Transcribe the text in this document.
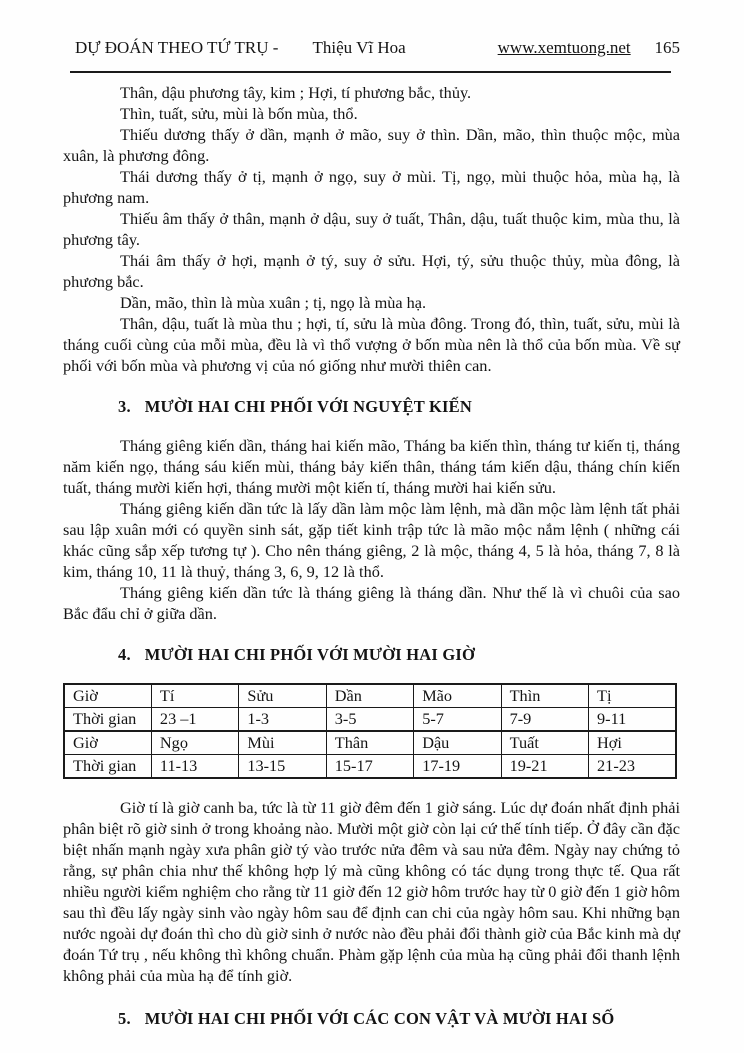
DỰ ĐOÁN THEO TỨ TRỤ - Thiệu Vĩ Hoa	www.xemtuong.net 165

Thân, dậu phương tây, kim ; Hợi, tí phương bắc, thủy.

Thìn, tuất, sửu, mùi là bốn mùa, thổ.

Thiếu dương thấy ở dần, mạnh ở mão, suy ở thìn. Dần, mão, thìn thuộc mộc, mùa xuân, là phương đông.

Thái dương thấy ở tị, mạnh ở ngọ, suy ở mùi. Tị, ngọ, mùi thuộc hỏa, mùa hạ, là phương nam.

Thiếu âm thấy ở thân, mạnh ở dậu, suy ở tuất, Thân, dậu, tuất thuộc kim, mùa thu, là phương tây.

Thái âm thấy ở hợi, mạnh ở tý, suy ở sửu. Hợi, tý, sửu thuộc thủy, mùa đông, là phương bắc.

Dần, mão, thìn là mùa xuân ; tị, ngọ là mùa hạ.

Thân, dậu, tuất là mùa thu ; hợi, tí, sửu là mùa đông. Trong đó, thìn, tuất, sửu, mùi là tháng cuối cùng của mỗi mùa, đều là vì thổ vượng ở bốn mùa nên là thổ của bốn mùa. Về sự phối với bốn mùa và phương vị của nó giống như mười thiên can.

3. MƯỜI HAI CHI PHỐI VỚI NGUYỆT KIẾN

Tháng giêng kiến dần, tháng hai kiến mão, Tháng ba kiến thìn, tháng tư kiến tị, tháng năm kiến ngọ, tháng sáu kiến mùi, tháng bảy kiến thân, tháng tám kiến dậu, tháng chín kiến tuất, tháng mười kiến hợi, tháng mười một kiến tí, tháng mười hai kiến sửu.

Tháng giêng kiến dần tức là lấy dần làm mộc làm lệnh, mà dần mộc làm lệnh tất phải sau lập xuân mới có quyền sinh sát, gặp tiết kinh trập tức là mão mộc nắm lệnh ( những cái khác cũng sắp xếp tương tự ). Cho nên tháng giêng, 2 là mộc, tháng 4, 5 là hỏa, tháng 7, 8 là kim, tháng 10, 11 là thuỷ, tháng 3, 6, 9, 12 là thổ.

Tháng giêng kiến dần tức là tháng giêng là tháng dần. Như thế là vì chuôi của sao Bắc đẩu chỉ ở giữa dần.

4. MƯỜI HAI CHI PHỐI VỚI MƯỜI HAI GIỜ
Giờ	Tí	Sửu	Dần	Mão	Thìn	Tị
Thời gian	23 –1	1-3	3-5	5-7	7-9	9-11
Giờ	Ngọ	Mùi	Thân	Dậu	Tuất	Hợi
Thời gian	11-13	13-15	15-17	17-19	19-21	21-23

Giờ tí là giờ canh ba, tức là từ 11 giờ đêm đến 1 giờ sáng. Lúc dự đoán nhất định phải phân biệt rõ giờ sinh ở trong khoảng nào. Mười một giờ còn lại cứ thế tính tiếp. Ở đây cần đặc biệt nhấn mạnh ngày xưa phân giờ tý vào trước nửa đêm và sau nửa đêm. Ngày nay chứng tỏ rằng, sự phân chia như thế không hợp lý mà cũng không có tác dụng trong thực tế. Qua rất nhiều người kiểm nghiệm cho rằng từ 11 giờ đến 12 giờ hôm trước hay từ 0 giờ đến 1 giờ hôm sau thì đều lấy ngày sinh vào ngày hôm sau để định can chi của ngày hôm sau. Khi những bạn nước ngoài dự đoán thì cho dù giờ sinh ở nước nào đều phải đổi thành giờ của Bắc kinh mà dự đoán Tứ trụ , nếu không thì không chuẩn. Phàm gặp lệnh của mùa hạ cũng phải đổi thanh lệnh không phải của mùa hạ để tính giờ.

5. MƯỜI HAI CHI PHỐI VỚI CÁC CON VẬT VÀ MƯỜI HAI SỐ
